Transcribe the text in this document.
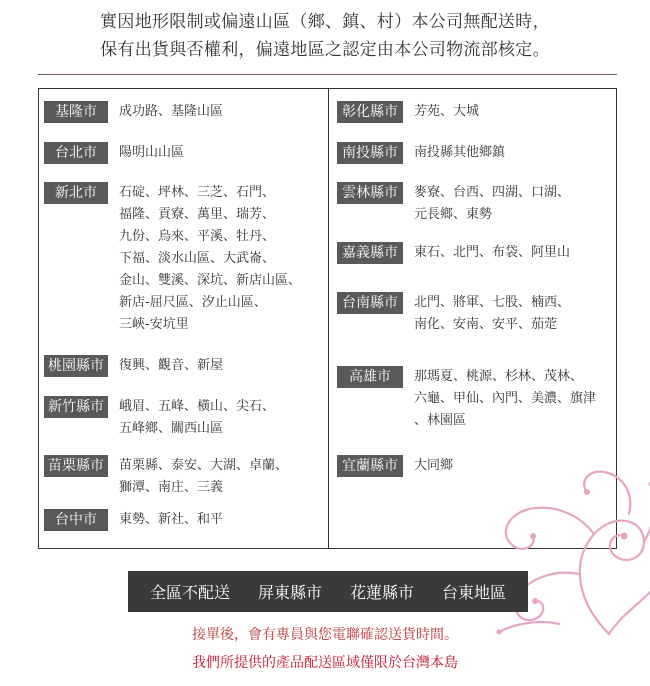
實因地形限制或偏遠山區（鄉、鎮、村）本公司無配送時，
保有出貨與否權利，偏遠地區之認定由本公司物流部核定。
基隆市	成功路、基隆山區
台北市	陽明山山區
新北市	石碇、坪林、三芝、石門、
福隆、貢寮、萬里、瑞芳、
九份、烏來、平溪、牡丹、
下福、淡水山區、大武崙、
金山、雙溪、深坑、新店山區、
新店-屈尺區、汐止山區、
三峽-安坑里
桃園縣市	復興、觀音、新屋
新竹縣市	峨眉、五峰、橫山、尖石、
五峰鄉、關西山區
苗栗縣市	苗栗縣、泰安、大湖、卓蘭、
獅潭、南庄、三義
台中市	東勢、新社、和平
彰化縣市	芳苑、大城
南投縣市	南投縣其他鄉鎮
雲林縣市	麥寮、台西、四湖、口湖、
元長鄉、東勢
嘉義縣市	東石、北門、布袋、阿里山
台南縣市	北門、將軍、七股、楠西、
南化、安南、安平、茄萣
高雄市	那瑪夏、桃源、杉林、茂林、
六龜、甲仙、內門、美濃、旗津
、林園區
宜蘭縣市	大同鄉
全區不配送 屏東縣市 花蓮縣市 台東地區
接單後，會有專員與您電聯確認送貨時間。
我們所提供的產品配送區域僅限於台灣本島
